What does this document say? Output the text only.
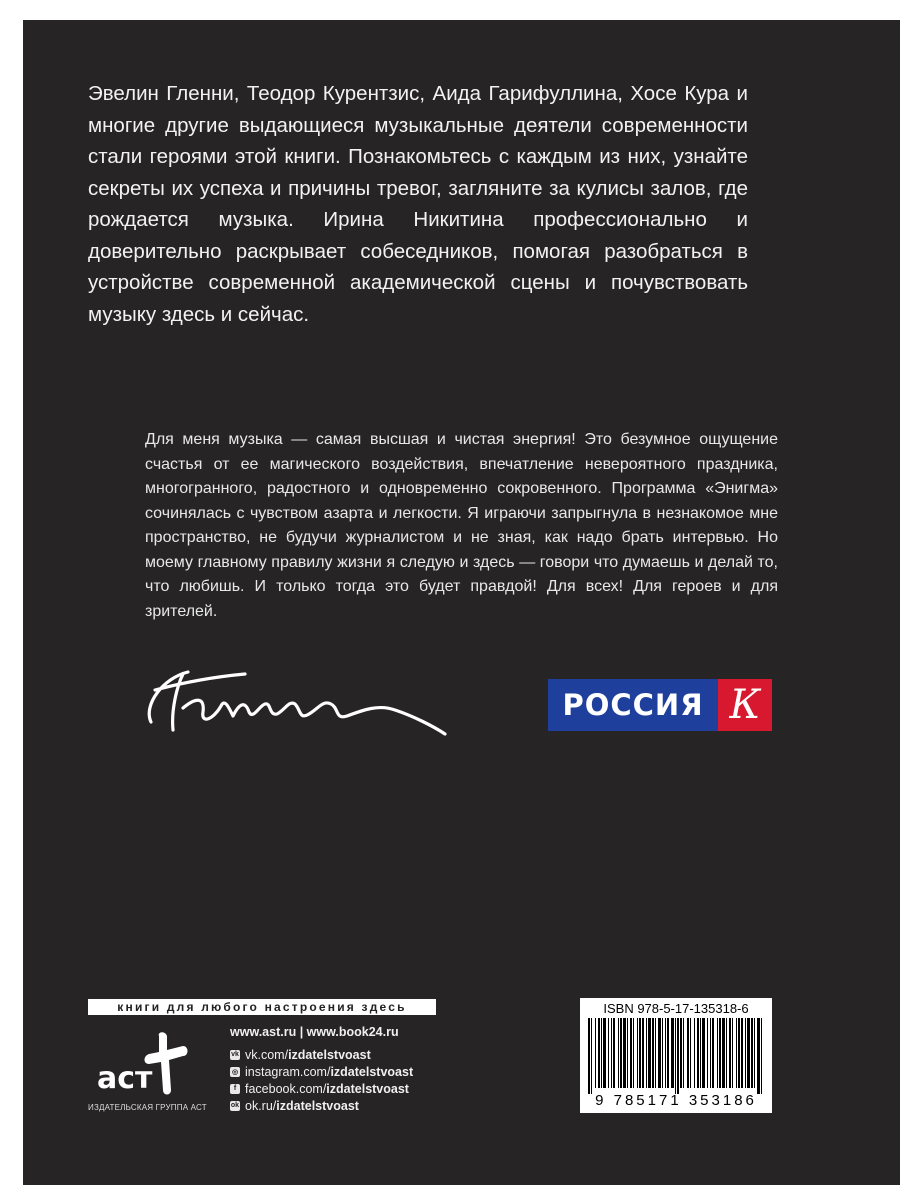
Эвелин Гленни, Теодор Курентзис, Аида Гарифуллина, Хосе Кура и многие другие выдающиеся музыкальные деятели современности стали героями этой книги. Познакомьтесь с каждым из них, узнайте секреты их успеха и причины тревог, загляните за кулисы залов, где рождается музыка. Ирина Никитина профессионально и доверительно раскрывает собеседников, помогая разобраться в устройстве современной академической сцены и почувствовать музыку здесь и сейчас.

Для меня музыка — самая высшая и чистая энергия! Это безумное ощущение счастья от ее магического воздействия, впечатление невероятного праздника, многогранного, радостного и одновременно сокровенного. Программа «Энигма» сочинялась с чувством азарта и легкости. Я играючи запрыгнула в незнакомое мне пространство, не будучи журналистом и не зная, как надо брать интервью. Но моему главному правилу жизни я следую и здесь — говори что думаешь и делай то, что любишь. И только тогда это будет правдой! Для всех! Для героев и для зрителей.

РОССИЯ К
книги для любого настроения здесь
аст
ИЗДАТЕЛЬСКАЯ ГРУППА АСТ
www.ast.ru | www.book24.ru
vk vk.com/ izdatelstvoast
◎ instagram.com/ izdatelstvoast
f facebook.com/ izdatelstvoast
ok ok.ru/ izdatelstvoast
ISBN 978-5-17-135318-6
9 785171 353186
